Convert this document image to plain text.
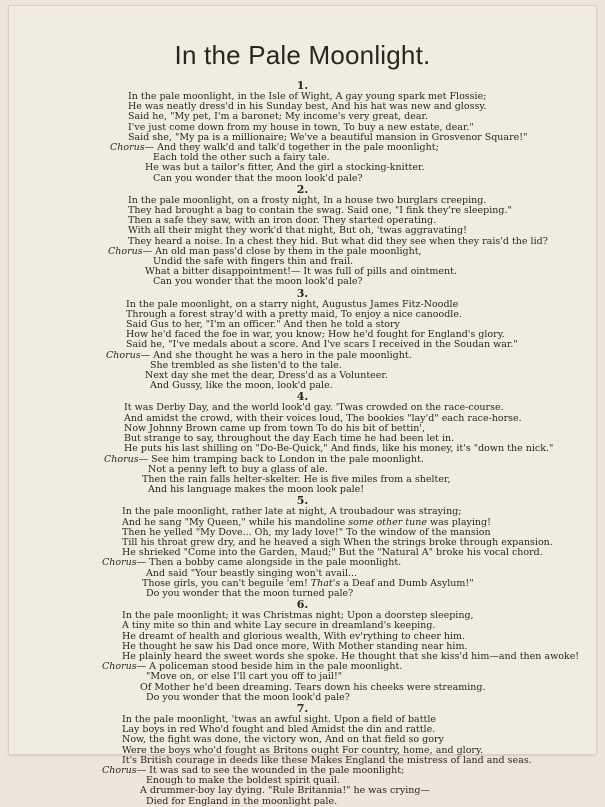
In the Pale Moonlight.
1.
In the pale moonlight, in the Isle of Wight, A gay young spark met Flossie;
He was neatly dress'd in his Sunday best, And his hat was new and glossy.
Said he, "My pet, I'm a baronet; My income's very great, dear.
I've just come down from my house in town, To buy a new estate, dear."
Said she, "My pa is a millionaire; We've a beautiful mansion in Grosvenor Square!"
Chorus— And they walk'd and talk'd together in the pale moonlight;
Each told the other such a fairy tale.
He was but a tailor's fitter, And the girl a stocking-knitter.
Can you wonder that the moon look'd pale?
2.
In the pale moonlight, on a frosty night, In a house two burglars creeping.
They had brought a bag to contain the swag. Said one, "I fink they're sleeping."
Then a safe they saw, with an iron door. They started operating.
With all their might they work'd that night, But oh, 'twas aggravating!
They heard a noise. In a chest they hid. But what did they see when they rais'd the lid?
Chorus— An old man pass'd close by them in the pale moonlight,
Undid the safe with fingers thin and frail.
What a bitter disappointment!— It was full of pills and ointment.
Can you wonder that the moon look'd pale?
3.
In the pale moonlight, on a starry night, Augustus James Fitz-Noodle
Through a forest stray'd with a pretty maid, To enjoy a nice canoodle.
Said Gus to her, "I'm an officer." And then he told a story
How he'd faced the foe in war, you know; How he'd fought for England's glory.
Said he, "I've medals about a score. And I've scars I received in the Soudan war."
Chorus— And she thought he was a hero in the pale moonlight.
She trembled as she listen'd to the tale.
Next day she met the dear, Dress'd as a Volunteer.
And Gussy, like the moon, look'd pale.
4.
It was Derby Day, and the world look'd gay. 'Twas crowded on the race-course.
And amidst the crowd, with their voices loud, The bookies "lay'd" each race-horse.
Now Johnny Brown came up from town To do his bit of bettin',
But strange to say, throughout the day Each time he had been let in.
He puts his last shilling on "Do-Be-Quick," And finds, like his money, it's "down the nick."
Chorus— See him tramping back to London in the pale moonlight.
Not a penny left to buy a glass of ale.
Then the rain falls helter-skelter. He is five miles from a shelter,
And his language makes the moon look pale!
5.
In the pale moonlight, rather late at night, A troubadour was straying;
And he sang "My Queen," while his mandoline some other tune was playing!
Then he yelled "My Dove... Oh, my lady love!" To the window of the mansion
Till his throat grew dry, and he heaved a sigh When the strings broke through expansion.
He shrieked "Come into the Garden, Maud;" But the "Natural A" broke his vocal chord.
Chorus— Then a bobby came alongside in the pale moonlight.
And said "Your beastly singing won't avail...
Those girls, you can't beguile 'em! That's a Deaf and Dumb Asylum!"
Do you wonder that the moon turned pale?
6.
In the pale moonlight; it was Christmas night; Upon a doorstep sleeping,
A tiny mite so thin and white Lay secure in dreamland's keeping.
He dreamt of health and glorious wealth, With ev'rything to cheer him.
He thought he saw his Dad once more, With Mother standing near him.
He plainly heard the sweet words she spoke. He thought that she kiss'd him—and then awoke!
Chorus— A policeman stood beside him in the pale moonlight.
"Move on, or else I'll cart you off to jail!"
Of Mother he'd been dreaming. Tears down his cheeks were streaming.
Do you wonder that the moon look'd pale?
7.
In the pale moonlight, 'twas an awful sight. Upon a field of battle
Lay boys in red Who'd fought and bled Amidst the din and rattle.
Now, the fight was done, the victory won, And on that field so gory
Were the boys who'd fought as Britons ought For country, home, and glory.
It's British courage in deeds like these Makes England the mistress of land and seas.
Chorus— It was sad to see the wounded in the pale moonlight;
Enough to make the boldest spirit quail.
A drummer-boy lay dying. "Rule Britannia!" he was crying—
Died for England in the moonlight pale.
